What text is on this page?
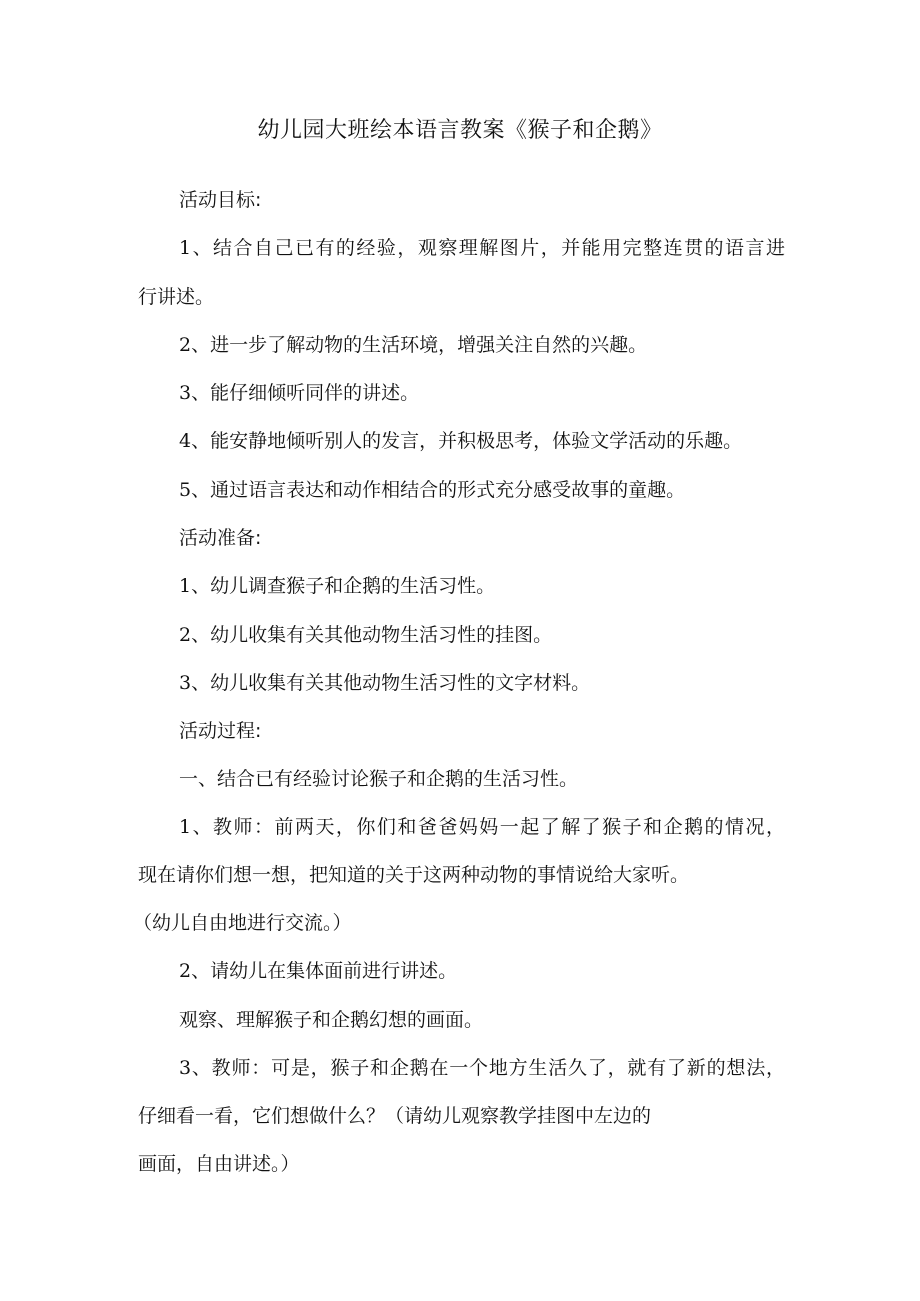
幼儿园大班绘本语言教案《猴子和企鹅》
活动目标:
1、结合自己已有的经验，观察理解图片，并能用完整连贯的语言进
行讲述。
2、进一步了解动物的生活环境，增强关注自然的兴趣。
3、能仔细倾听同伴的讲述。
4、能安静地倾听别人的发言，并积极思考，体验文学活动的乐趣。
5、通过语言表达和动作相结合的形式充分感受故事的童趣。
活动准备:
1、幼儿调查猴子和企鹅的生活习性。
2、幼儿收集有关其他动物生活习性的挂图。
3、幼儿收集有关其他动物生活习性的文字材料。
活动过程:
一、结合已有经验讨论猴子和企鹅的生活习性。
1、教师：前两天，你们和爸爸妈妈一起了解了猴子和企鹅的情况，
现在请你们想一想，把知道的关于这两种动物的事情说给大家听。
（幼儿自由地进行交流。）
2、请幼儿在集体面前进行讲述。
观察、理解猴子和企鹅幻想的画面。
3、教师：可是，猴子和企鹅在一个地方生活久了，就有了新的想法，
仔细看一看，它们想做什么？（请幼儿观察教学挂图中左边的
画面，自由讲述。）
